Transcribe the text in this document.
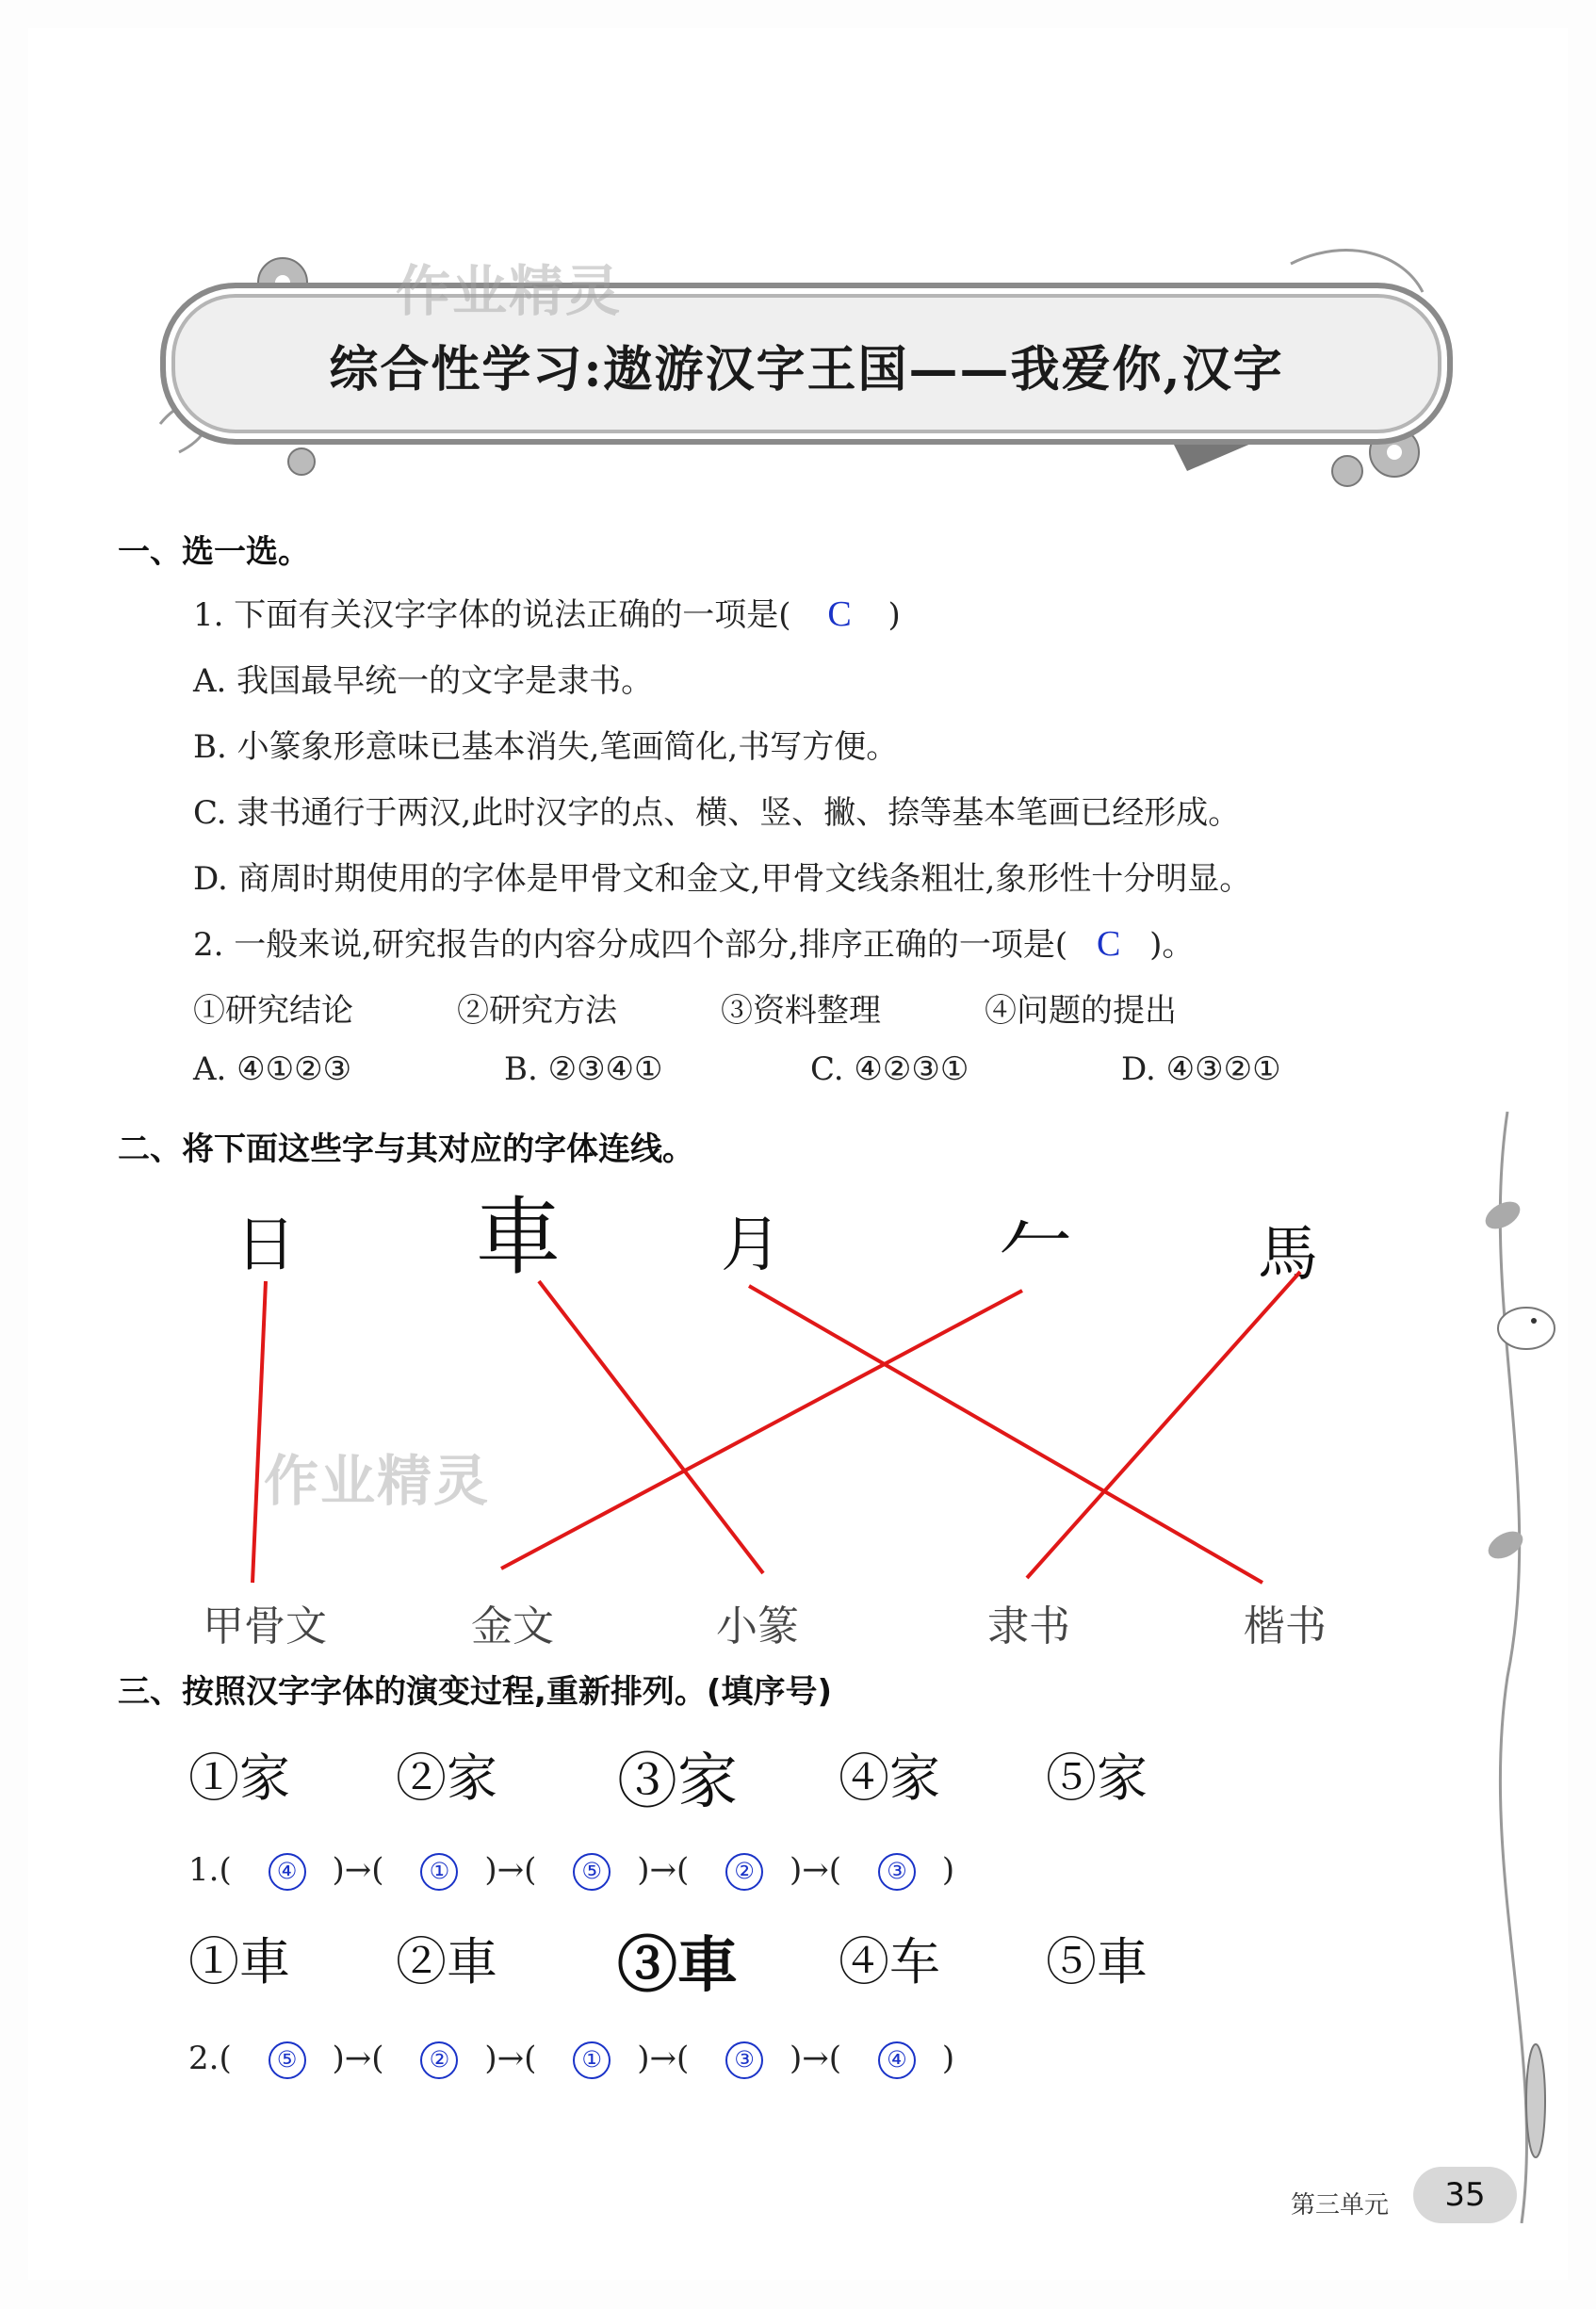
综合性学习:遨游汉字王国——我爱你,汉字
作业精灵
一、选一选。
1. 下面有关汉字字体的说法正确的一项是( C )
A. 我国最早统一的文字是隶书。
B. 小篆象形意味已基本消失,笔画简化,书写方便。
C. 隶书通行于两汉,此时汉字的点、横、竖、撇、捺等基本笔画已经形成。
D. 商周时期使用的字体是甲骨文和金文,甲骨文线条粗壮,象形性十分明显。
2. 一般来说,研究报告的内容分成四个部分,排序正确的一项是( C )。
①研究结论	②研究方法	③资料整理	④问题的提出
A. ④①②③	B. ②③④①	C. ④②③①	D. ④③②①
二、将下面这些字与其对应的字体连线。
日 車	月	𠂉	馬
作业精灵
甲骨文	金文	小篆	隶书	楷书
三、按照汉字字体的演变过程,重新排列。(填序号)
①家 ②家 ③家 ④家 ⑤家
1.( ④ )→( ① )→( ⑤ )→( ② )→( ③ )
①車 ②車 ③車 ④车 ⑤車
2.( ⑤ )→( ② )→( ① )→( ③ )→( ④ )
第三单元	35
